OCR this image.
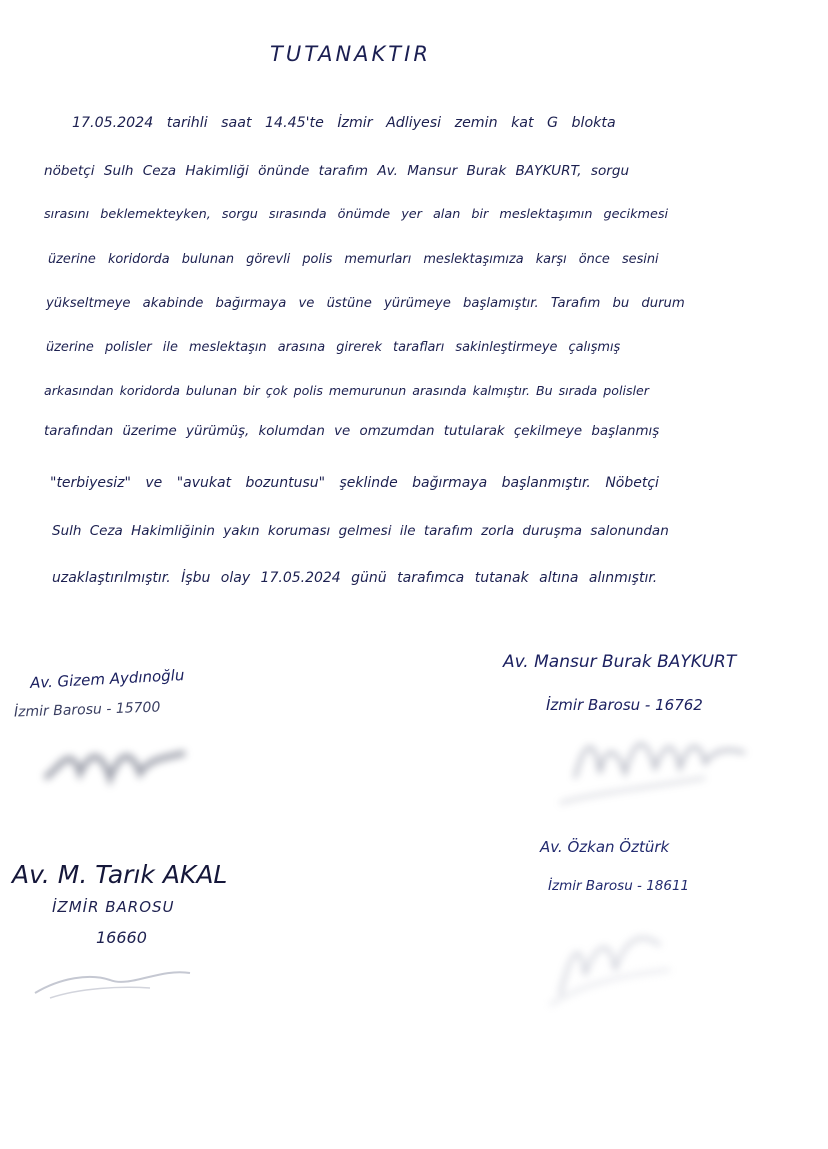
TUTANAKTIR
17.05.2024 tarihli saat 14.45'te İzmir Adliyesi zemin kat G blokta
nöbetçi Sulh Ceza Hakimliği önünde tarafım Av. Mansur Burak BAYKURT, sorgu
sırasını beklemekteyken, sorgu sırasında önümde yer alan bir meslektaşımın gecikmesi
üzerine koridorda bulunan görevli polis memurları meslektaşımıza karşı önce sesini
yükseltmeye akabinde bağırmaya ve üstüne yürümeye başlamıştır. Tarafım bu durum
üzerine polisler ile meslektaşın arasına girerek tarafları sakinleştirmeye çalışmış
arkasından koridorda bulunan bir çok polis memurunun arasında kalmıştır. Bu sırada polisler
tarafından üzerime yürümüş, kolumdan ve omzumdan tutularak çekilmeye başlanmış
"terbiyesiz" ve "avukat bozuntusu" şeklinde bağırmaya başlanmıştır. Nöbetçi
Sulh Ceza Hakimliğinin yakın koruması gelmesi ile tarafım zorla duruşma salonundan
uzaklaştırılmıştır. İşbu olay 17.05.2024 günü tarafımca tutanak altına alınmıştır.
Av. Mansur Burak BAYKURT
İzmir Barosu - 16762
Av. Gizem Aydınoğlu
İzmir Barosu - 15700
Av. M. Tarık AKAL
İZMİR BAROSU
16660
Av. Özkan Öztürk
İzmir Barosu - 18611
